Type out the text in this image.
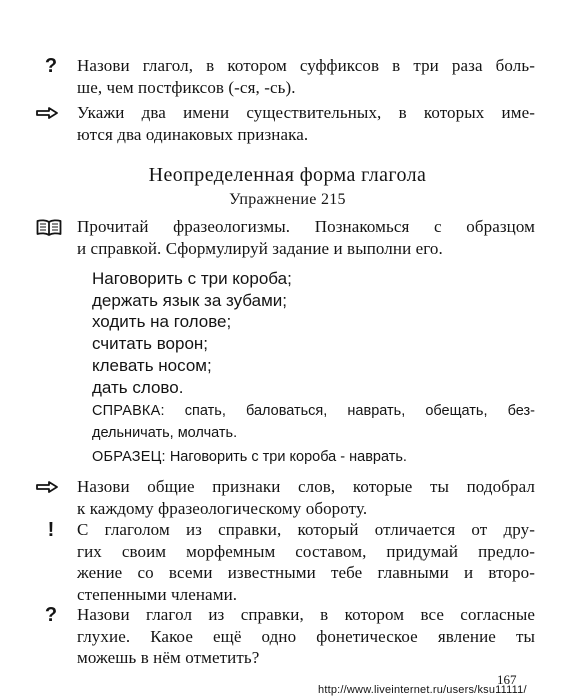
?	Назови глагол, в котором суффиксов в три раза боль-
ше, чем постфиксов (-ся, -сь).
Укажи два имени существительных, в которых име-
ются два одинаковых признака.
Неопределенная форма глагола
Упражнение 215
Прочитай фразеологизмы. Познакомься с образцом
и справкой. Сформулируй задание и выполни его.
Наговорить с три короба;
держать язык за зубами;
ходить на голове;
считать ворон;
клевать носом;
дать слово.
СПРАВКА: спать, баловаться, наврать, обещать, без-
дельничать, молчать.
ОБРАЗЕЦ: Наговорить с три короба - наврать.
Назови общие признаки слов, которые ты подобрал
к каждому фразеологическому обороту.
!	С глаголом из справки, который отличается от дру-
гих своим морфемным составом, придумай предло-
жение со всеми известными тебе главными и второ-
степенными членами.
?	Назови глагол из справки, в котором все согласные
глухие. Какое ещё одно фонетическое явление ты
можешь в нём отметить?
167
http://www.liveinternet.ru/users/ksu11111/
